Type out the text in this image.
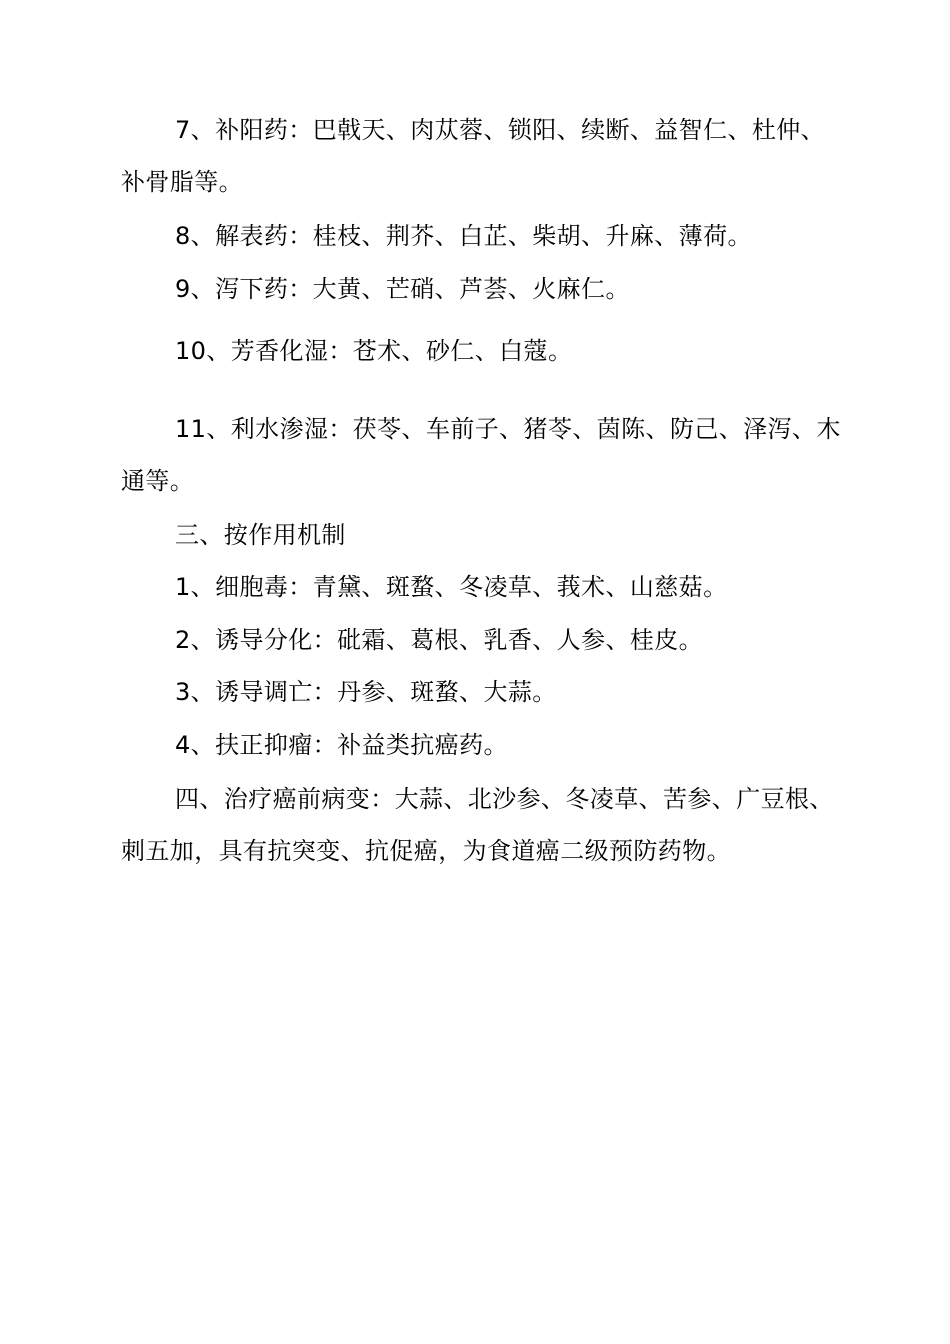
7、补阳药：巴戟天、肉苁蓉、锁阳、续断、益智仁、杜仲、补骨脂等。

8、解表药：桂枝、荆芥、白芷、柴胡、升麻、薄荷。

9、泻下药：大黄、芒硝、芦荟、火麻仁。

10、芳香化湿：苍术、砂仁、白蔻。

11、利水渗湿：茯苓、车前子、猪苓、茵陈、防己、泽泻、木通等。

三、按作用机制

1、细胞毒：青黛、斑蝥、冬凌草、莪术、山慈菇。

2、诱导分化：砒霜、葛根、乳香、人参、桂皮。

3、诱导调亡：丹参、斑蝥、大蒜。

4、扶正抑瘤：补益类抗癌药。

四、治疗癌前病变：大蒜、北沙参、冬凌草、苦参、广豆根、刺五加，具有抗突变、抗促癌，为食道癌二级预防药物。
